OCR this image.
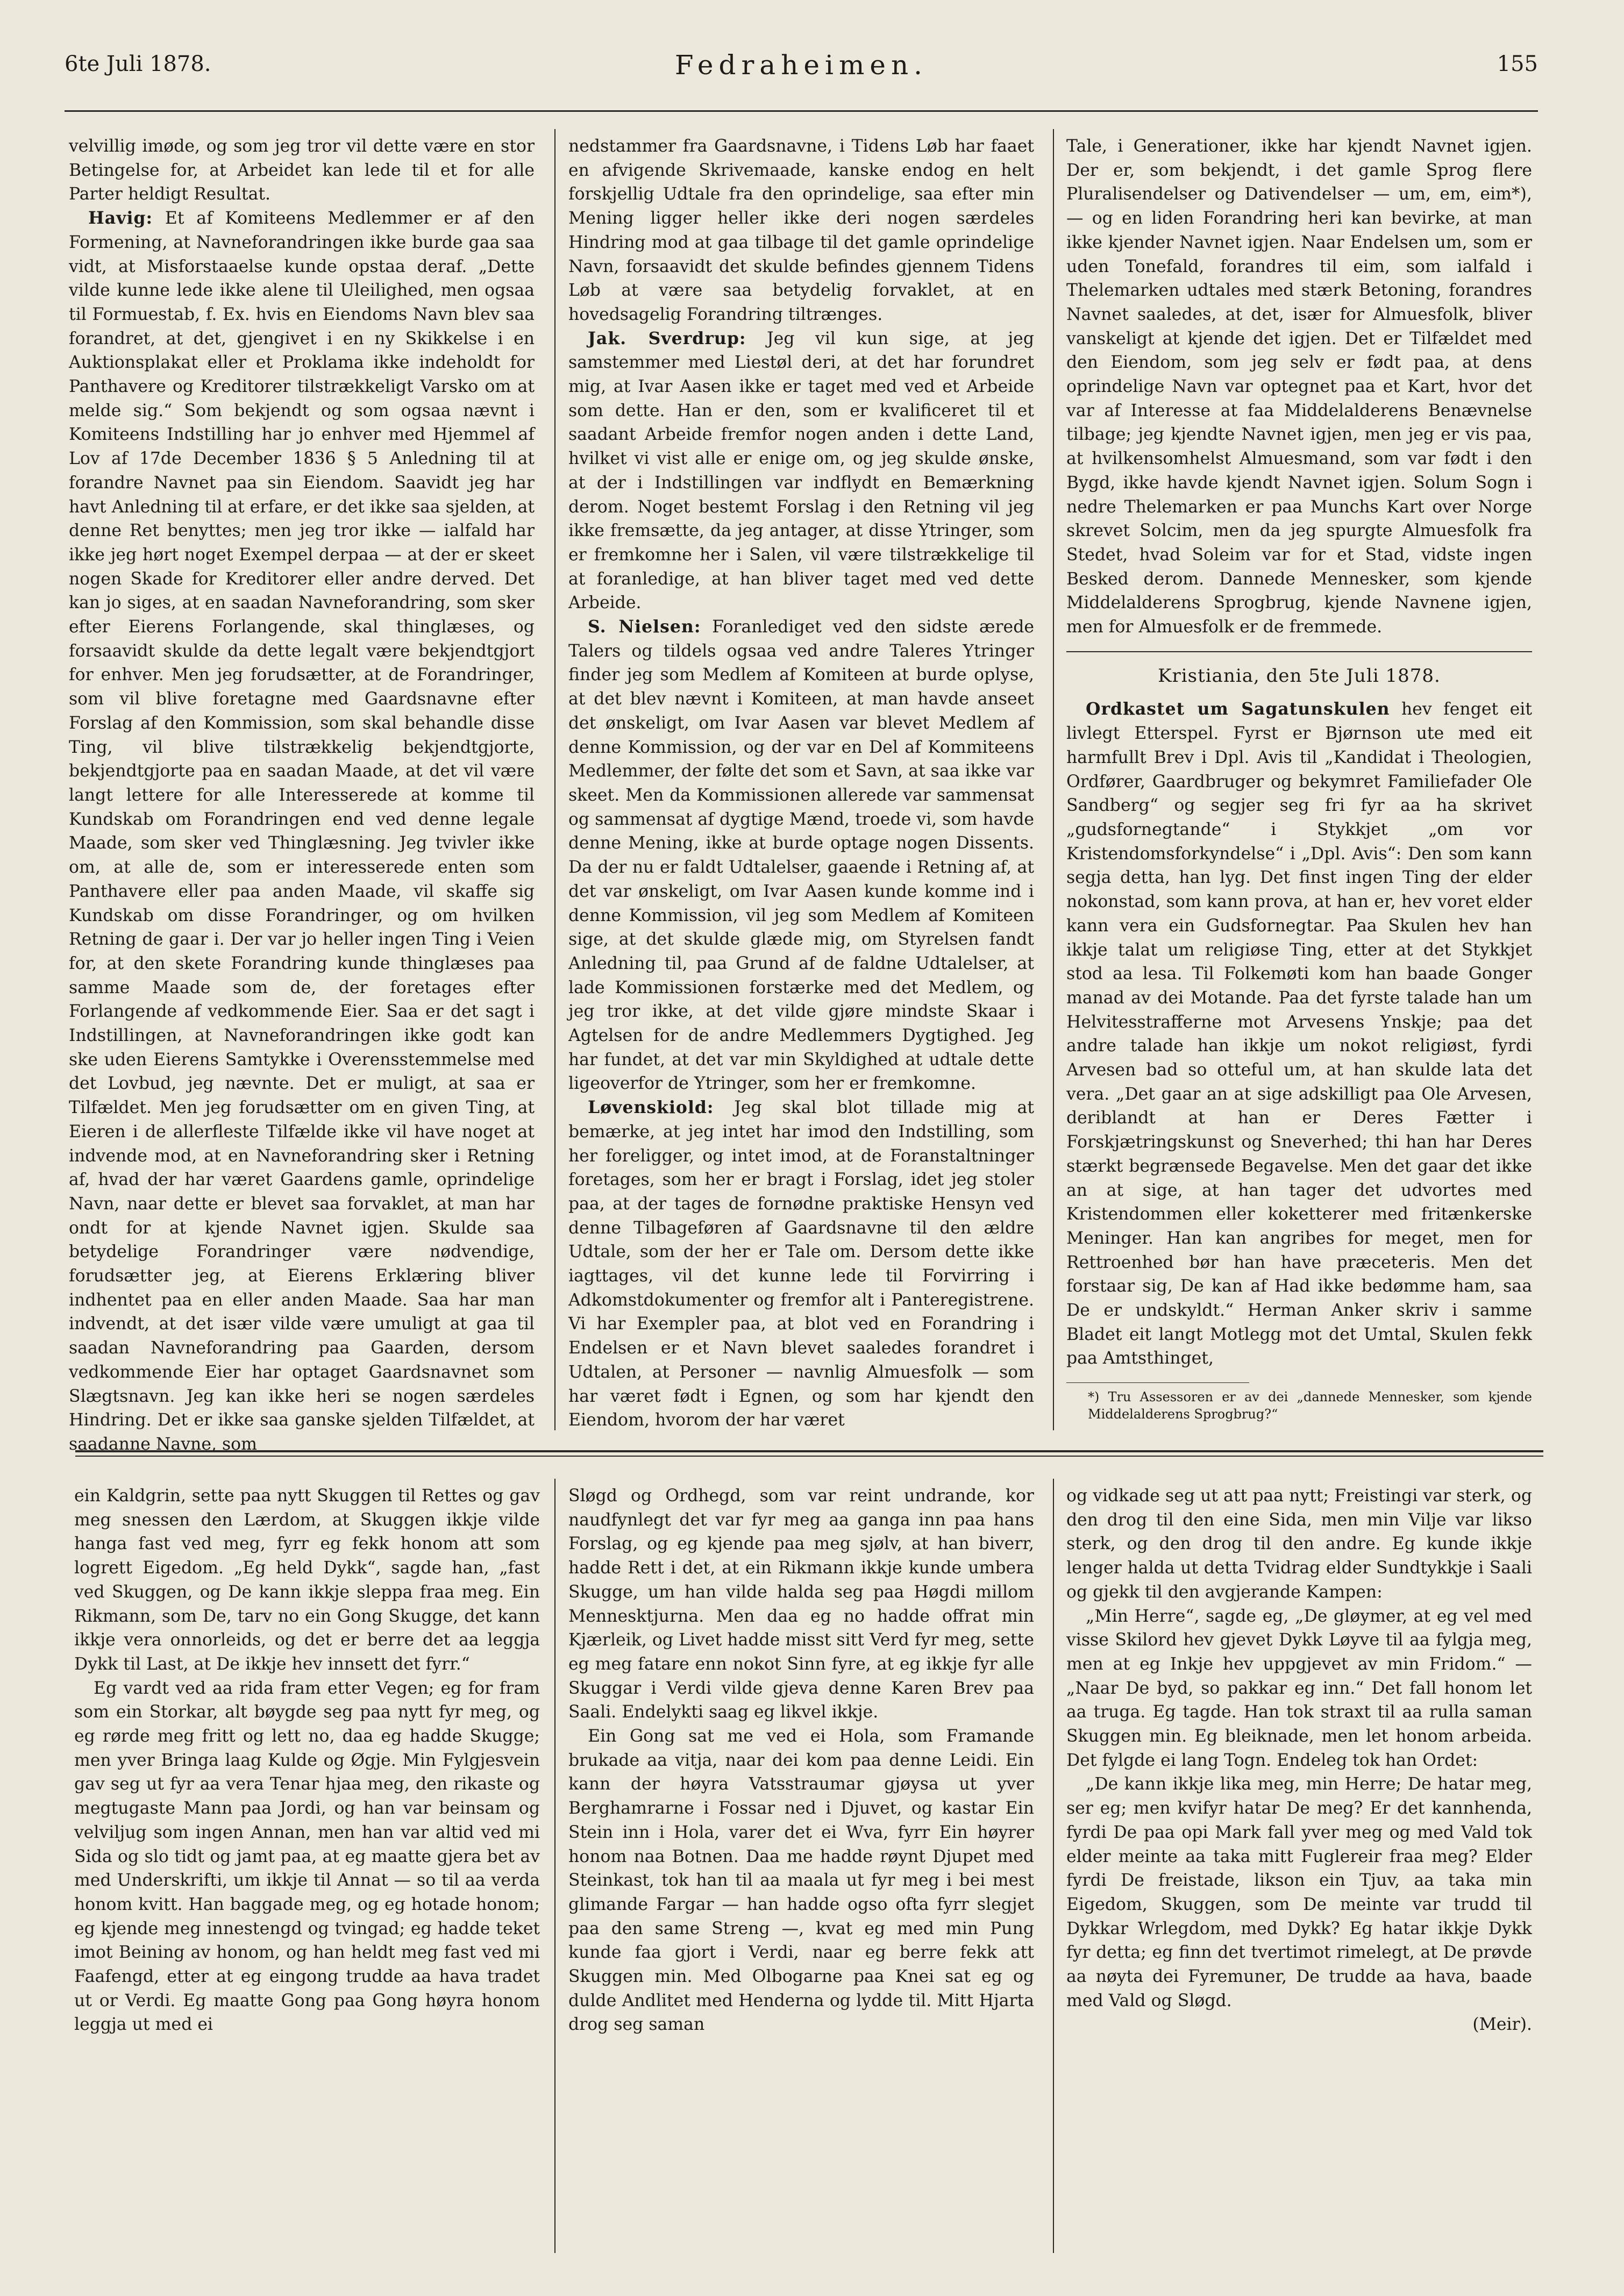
6te Juli 1878.	Fedraheimen.	155

velvillig imøde, og som jeg tror vil dette være en stor Betingelse for, at Arbeidet kan lede til et for alle Parter heldigt Resultat.

Havig: Et af Komiteens Medlemmer er af den Formening, at Navneforandringen ikke burde gaa saa vidt, at Misforstaaelse kunde opstaa deraf. „Dette vilde kunne lede ikke alene til Uleilighed, men ogsaa til Formuestab, f. Ex. hvis en Eiendoms Navn blev saa forandret, at det, gjengivet i en ny Skikkelse i en Auktionsplakat eller et Proklama ikke indeholdt for Panthavere og Kreditorer tilstrækkeligt Varsko om at melde sig.“ Som bekjendt og som ogsaa nævnt i Komiteens Indstilling har jo enhver med Hjemmel af Lov af 17de December 1836 § 5 Anledning til at forandre Navnet paa sin Eiendom. Saavidt jeg har havt Anledning til at erfare, er det ikke saa sjelden, at denne Ret benyttes; men jeg tror ikke — ialfald har ikke jeg hørt noget Exempel derpaa — at der er skeet nogen Skade for Kreditorer eller andre derved. Det kan jo siges, at en saadan Navneforandring, som sker efter Eierens Forlangende, skal thinglæses, og forsaavidt skulde da dette legalt være bekjendtgjort for enhver. Men jeg forudsætter, at de Forandringer, som vil blive foretagne med Gaardsnavne efter Forslag af den Kommission, som skal behandle disse Ting, vil blive tilstrækkelig bekjendtgjorte, bekjendtgjorte paa en saadan Maade, at det vil være langt lettere for alle Interesserede at komme til Kundskab om Forandringen end ved denne legale Maade, som sker ved Thinglæsning. Jeg tvivler ikke om, at alle de, som er interesserede enten som Panthavere eller paa anden Maade, vil skaffe sig Kundskab om disse Forandringer, og om hvilken Retning de gaar i. Der var jo heller ingen Ting i Veien for, at den skete Forandring kunde thinglæses paa samme Maade som de, der foretages efter Forlangende af vedkommende Eier. Saa er det sagt i Indstillingen, at Navneforandringen ikke godt kan ske uden Eierens Samtykke i Overensstemmelse med det Lovbud, jeg nævnte. Det er muligt, at saa er Tilfældet. Men jeg forudsætter om en given Ting, at Eieren i de allerfleste Tilfælde ikke vil have noget at indvende mod, at en Navneforandring sker i Retning af, hvad der har været Gaardens gamle, oprindelige Navn, naar dette er blevet saa forvaklet, at man har ondt for at kjende Navnet igjen. Skulde saa betydelige Forandringer være nødvendige, forudsætter jeg, at Eierens Erklæring bliver indhentet paa en eller anden Maade. Saa har man indvendt, at det især vilde være umuligt at gaa til saadan Navneforandring paa Gaarden, dersom vedkommende Eier har optaget Gaardsnavnet som Slægtsnavn. Jeg kan ikke heri se nogen særdeles Hindring. Det er ikke saa ganske sjelden Tilfældet, at saadanne Navne, som

nedstammer fra Gaardsnavne, i Tidens Løb har faaet en afvigende Skrivemaade, kanske endog en helt forskjellig Udtale fra den oprindelige, saa efter min Mening ligger heller ikke deri nogen særdeles Hindring mod at gaa tilbage til det gamle oprindelige Navn, forsaavidt det skulde befindes gjennem Tidens Løb at være saa betydelig forvaklet, at en hovedsagelig Forandring tiltrænges.

Jak. Sverdrup: Jeg vil kun sige, at jeg samstemmer med Liestøl deri, at det har forundret mig, at Ivar Aasen ikke er taget med ved et Arbeide som dette. Han er den, som er kvalificeret til et saadant Arbeide fremfor nogen anden i dette Land, hvilket vi vist alle er enige om, og jeg skulde ønske, at der i Indstillingen var indflydt en Bemærkning derom. Noget bestemt Forslag i den Retning vil jeg ikke fremsætte, da jeg antager, at disse Ytringer, som er fremkomne her i Salen, vil være tilstrækkelige til at foranledige, at han bliver taget med ved dette Arbeide.

S. Nielsen: Foranlediget ved den sidste ærede Talers og tildels ogsaa ved andre Taleres Ytringer finder jeg som Medlem af Komiteen at burde oplyse, at det blev nævnt i Komiteen, at man havde anseet det ønskeligt, om Ivar Aasen var blevet Medlem af denne Kommission, og der var en Del af Kommiteens Medlemmer, der følte det som et Savn, at saa ikke var skeet. Men da Kommissionen allerede var sammensat og sammensat af dygtige Mænd, troede vi, som havde denne Mening, ikke at burde optage nogen Dissents. Da der nu er faldt Udtalelser, gaaende i Retning af, at det var ønskeligt, om Ivar Aasen kunde komme ind i denne Kommission, vil jeg som Medlem af Komiteen sige, at det skulde glæde mig, om Styrelsen fandt Anledning til, paa Grund af de faldne Udtalelser, at lade Kommissionen forstærke med det Medlem, og jeg tror ikke, at det vilde gjøre mindste Skaar i Agtelsen for de andre Medlemmers Dygtighed. Jeg har fundet, at det var min Skyldighed at udtale dette ligeoverfor de Ytringer, som her er fremkomne.

Løvenskiold: Jeg skal blot tillade mig at bemærke, at jeg intet har imod den Indstilling, som her foreligger, og intet imod, at de Foranstaltninger foretages, som her er bragt i Forslag, idet jeg stoler paa, at der tages de fornødne praktiske Hensyn ved denne Tilbageføren af Gaardsnavne til den ældre Udtale, som der her er Tale om. Dersom dette ikke iagttages, vil det kunne lede til Forvirring i Adkomstdokumenter og fremfor alt i Panteregistrene. Vi har Exempler paa, at blot ved en Forandring i Endelsen er et Navn blevet saaledes forandret i Udtalen, at Personer — navnlig Almuesfolk — som har været født i Egnen, og som har kjendt den Eiendom, hvorom der har været

Tale, i Generationer, ikke har kjendt Navnet igjen. Der er, som bekjendt, i det gamle Sprog flere Pluralisendelser og Dativendelser — um, em, eim*), — og en liden Forandring heri kan bevirke, at man ikke kjender Navnet igjen. Naar Endelsen um, som er uden Tonefald, forandres til eim, som ialfald i Thelemarken udtales med stærk Betoning, forandres Navnet saaledes, at det, især for Almuesfolk, bliver vanskeligt at kjende det igjen. Det er Tilfældet med den Eiendom, som jeg selv er født paa, at dens oprindelige Navn var optegnet paa et Kart, hvor det var af Interesse at faa Middelalderens Benævnelse tilbage; jeg kjendte Navnet igjen, men jeg er vis paa, at hvilkensomhelst Almuesmand, som var født i den Bygd, ikke havde kjendt Navnet igjen. Solum Sogn i nedre Thelemarken er paa Munchs Kart over Norge skrevet Solcim, men da jeg spurgte Almuesfolk fra Stedet, hvad Soleim var for et Stad, vidste ingen Besked derom. Dannede Mennesker, som kjende Middelalderens Sprogbrug, kjende Navnene igjen, men for Almuesfolk er de fremmede.

Kristiania, den 5te Juli 1878.

Ordkastet um Sagatunskulen hev fenget eit livlegt Etterspel. Fyrst er Bjørnson ute med eit harmfullt Brev i Dpl. Avis til „Kandidat i Theologien, Ordfører, Gaardbruger og bekymret Familiefader Ole Sandberg“ og segjer seg fri fyr aa ha skrivet „gudsfornegtande“ i Stykkjet „om vor Kristendomsforkyndelse“ i „Dpl. Avis“: Den som kann segja detta, han lyg. Det finst ingen Ting der elder nokonstad, som kann prova, at han er, hev voret elder kann vera ein Gudsfornegtar. Paa Skulen hev han ikkje talat um religiøse Ting, etter at det Stykkjet stod aa lesa. Til Folkemøti kom han baade Gonger manad av dei Motande. Paa det fyrste talade han um Helvitesstrafferne mot Arvesens Ynskje; paa det andre talade han ikkje um nokot religiøst, fyrdi Arvesen bad so otteful um, at han skulde lata det vera. „Det gaar an at sige adskilligt paa Ole Arvesen, deriblandt at han er Deres Fætter i Forskjætringskunst og Sneverhed; thi han har Deres stærkt begrænsede Begavelse. Men det gaar det ikke an at sige, at han tager det udvortes med Kristendommen eller koketterer med fritænkerske Meninger. Han kan angribes for meget, men for Rettroenhed bør han have præceteris. Men det forstaar sig, De kan af Had ikke bedømme ham, saa De er undskyldt.“ Herman Anker skriv i samme Bladet eit langt Motlegg mot det Umtal, Skulen fekk paa Amtsthinget,

*) Tru Assessoren er av dei „dannede Mennesker, som kjende Middelalderens Sprogbrug?“

ein Kaldgrin, sette paa nytt Skuggen til Rettes og gav meg snessen den Lærdom, at Skuggen ikkje vilde hanga fast ved meg, fyrr eg fekk honom att som logrett Eigedom. „Eg held Dykk“, sagde han, „fast ved Skuggen, og De kann ikkje sleppa fraa meg. Ein Rikmann, som De, tarv no ein Gong Skugge, det kann ikkje vera onnorleids, og det er berre det aa leggja Dykk til Last, at De ikkje hev innsett det fyrr.“

Eg vardt ved aa rida fram etter Vegen; eg for fram som ein Storkar, alt bøygde seg paa nytt fyr meg, og eg rørde meg fritt og lett no, daa eg hadde Skugge; men yver Bringa laag Kulde og Øgje. Min Fylgjesvein gav seg ut fyr aa vera Tenar hjaa meg, den rikaste og megtugaste Mann paa Jordi, og han var beinsam og velviljug som ingen Annan, men han var altid ved mi Sida og slo tidt og jamt paa, at eg maatte gjera bet av med Underskrifti, um ikkje til Annat — so til aa verda honom kvitt. Han baggade meg, og eg hotade honom; eg kjende meg innestengd og tvingad; eg hadde teket imot Beining av honom, og han heldt meg fast ved mi Faafengd, etter at eg eingong trudde aa hava tradet ut or Verdi. Eg maatte Gong paa Gong høyra honom leggja ut med ei

Sløgd og Ordhegd, som var reint undrande, kor naudfynlegt det var fyr meg aa ganga inn paa hans Forslag, og eg kjende paa meg sjølv, at han biverr, hadde Rett i det, at ein Rikmann ikkje kunde umbera Skugge, um han vilde halda seg paa Høgdi millom Mennesktjurna. Men daa eg no hadde offrat min Kjærleik, og Livet hadde misst sitt Verd fyr meg, sette eg meg fatare enn nokot Sinn fyre, at eg ikkje fyr alle Skuggar i Verdi vilde gjeva denne Karen Brev paa Saali. Endelykti saag eg likvel ikkje.

Ein Gong sat me ved ei Hola, som Framande brukade aa vitja, naar dei kom paa denne Leidi. Ein kann der høyra Vatsstraumar gjøysa ut yver Berghamrarne i Fossar ned i Djuvet, og kastar Ein Stein inn i Hola, varer det ei Wva, fyrr Ein høyrer honom naa Botnen. Daa me hadde røynt Djupet med Steinkast, tok han til aa maala ut fyr meg i bei mest glimande Fargar — han hadde ogso ofta fyrr slegjet paa den same Streng —, kvat eg med min Pung kunde faa gjort i Verdi, naar eg berre fekk att Skuggen min. Med Olbogarne paa Knei sat eg og dulde Andlitet med Henderna og lydde til. Mitt Hjarta drog seg saman

og vidkade seg ut att paa nytt; Freistingi var sterk, og den drog til den eine Sida, men min Vilje var likso sterk, og den drog til den andre. Eg kunde ikkje lenger halda ut detta Tvidrag elder Sundtykkje i Saali og gjekk til den avgjerande Kampen:

„Min Herre“, sagde eg, „De gløymer, at eg vel med visse Skilord hev gjevet Dykk Løyve til aa fylgja meg, men at eg Inkje hev uppgjevet av min Fridom.“ — „Naar De byd, so pakkar eg inn.“ Det fall honom let aa truga. Eg tagde. Han tok straxt til aa rulla saman Skuggen min. Eg bleiknade, men let honom arbeida. Det fylgde ei lang Togn. Endeleg tok han Ordet:

„De kann ikkje lika meg, min Herre; De hatar meg, ser eg; men kvifyr hatar De meg? Er det kannhenda, fyrdi De paa opi Mark fall yver meg og med Vald tok elder meinte aa taka mitt Fuglereir fraa meg? Elder fyrdi De freistade, likson ein Tjuv, aa taka min Eigedom, Skuggen, som De meinte var trudd til Dykkar Wrlegdom, med Dykk? Eg hatar ikkje Dykk fyr detta; eg finn det tvertimot rimelegt, at De prøvde aa nøyta dei Fyremuner, De trudde aa hava, baade med Vald og Sløgd.

(Meir).
